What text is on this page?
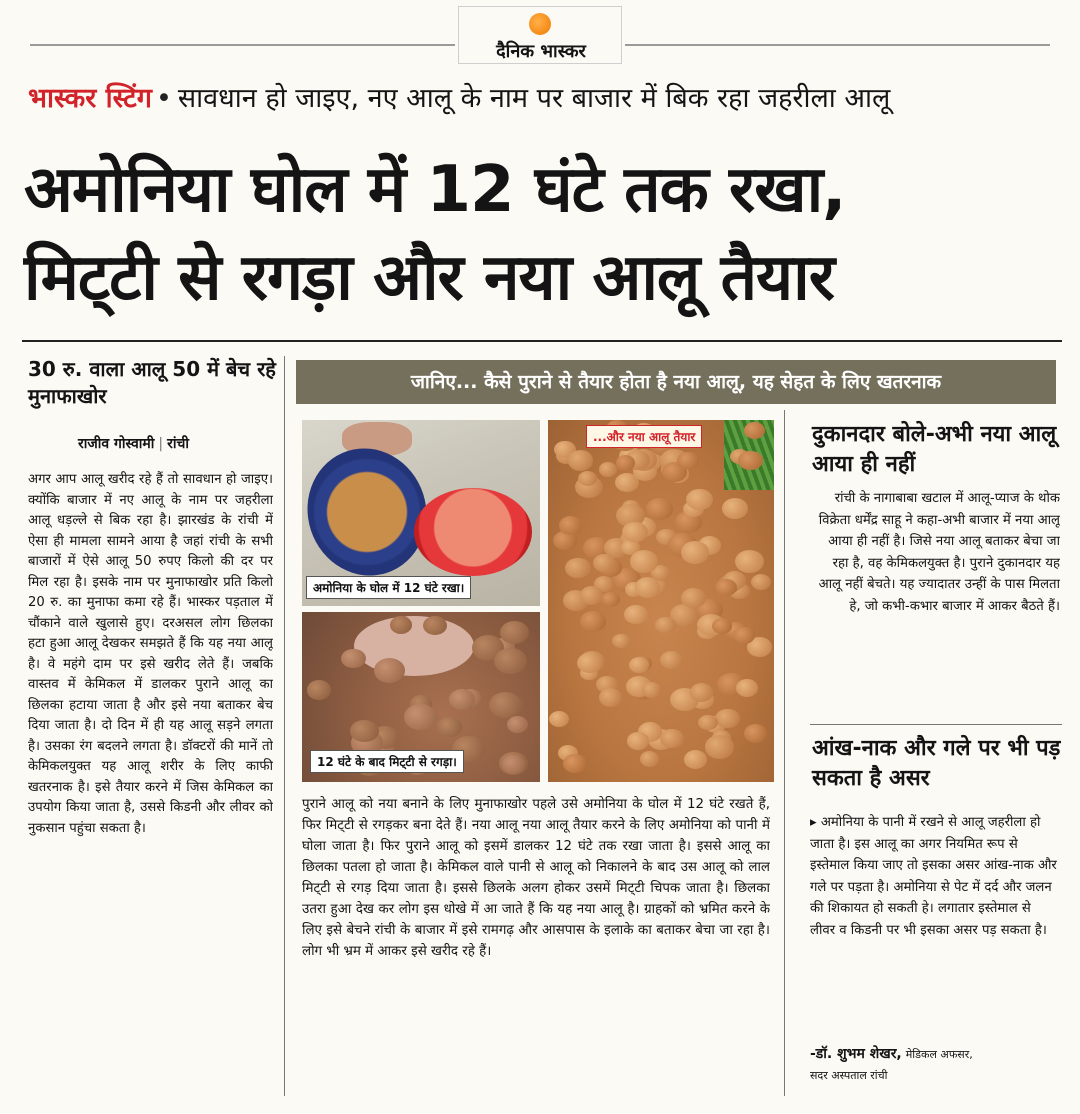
दैनिक भास्कर
भास्कर स्टिंग • सावधान हो जाइए, नए आलू के नाम पर बाजार में बिक रहा जहरीला आलू
अमोनिया घोल में 12 घंटे तक रखा,
मिट्‌टी से रगड़ा और नया आलू तैयार
30 रु. वाला आलू 50 में बेच रहे मुनाफाखोर
राजीव गोस्वामी | रांची
अगर आप आलू खरीद रहे हैं तो सावधान हो जाइए। क्योंकि बाजार में नए आलू के नाम पर जहरीला आलू धड़ल्ले से बिक रहा है। झारखंड के रांची में ऐसा ही मामला सामने आया है जहां रांची के सभी बाजारों में ऐसे आलू 50 रुपए किलो की दर पर मिल रहा है। इसके नाम पर मुनाफाखोर प्रति किलो 20 रु. का मुनाफा कमा रहे हैं। भास्कर पड़ताल में चौंकाने वाले खुलासे हुए। दरअसल लोग छिलका हटा हुआ आलू देखकर समझते हैं कि यह नया आलू है। वे महंगे दाम पर इसे खरीद लेते हैं। जबकि वास्तव में केमिकल में डालकर पुराने आलू का छिलका हटाया जाता है और इसे नया बताकर बेच दिया जाता है। दो दिन में ही यह आलू सड़ने लगता है। उसका रंग बदलने लगता है। डॉक्टरों की मानें तो केमिकलयुक्त यह आलू शरीर के लिए काफी खतरनाक है। इसे तैयार करने में जिस केमिकल का उपयोग किया जाता है, उससे किडनी और लीवर को नुकसान पहुंचा सकता है।
जानिए... कैसे पुराने से तैयार होता है नया आलू, यह सेहत के लिए खतरनाक
अमोनिया के घोल में 12 घंटे रखा।
12 घंटे के बाद मिट्‌टी से रगड़ा।
...और नया आलू तैयार
पुराने आलू को नया बनाने के लिए मुनाफाखोर पहले उसे अमोनिया के घोल में 12 घंटे रखते हैं, फिर मिट्‌टी से रगड़कर बना देते हैं। नया आलू नया आलू तैयार करने के लिए अमोनिया को पानी में घोला जाता है। फिर पुराने आलू को इसमें डालकर 12 घंटे तक रखा जाता है। इससे आलू का छिलका पतला हो जाता है। केमिकल वाले पानी से आलू को निकालने के बाद उस आलू को लाल मिट्‌टी से रगड़ दिया जाता है। इससे छिलके अलग होकर उसमें मिट्‌टी चिपक जाता है। छिलका उतरा हुआ देख कर लोग इस धोखे में आ जाते हैं कि यह नया आलू है। ग्राहकों को भ्रमित करने के लिए इसे बेचने रांची के बाजार में इसे रामगढ़ और आसपास के इलाके का बताकर बेचा जा रहा है। लोग भी भ्रम में आकर इसे खरीद रहे हैं।
दुकानदार बोले-अभी नया आलू आया ही नहीं
रांची के नागाबाबा खटाल में आलू-प्याज के थोक विक्रेता धर्मेंद्र साहू ने कहा-अभी बाजार में नया आलू आया ही नहीं है। जिसे नया आलू बताकर बेचा जा रहा है, वह केमिकलयुक्त है। पुराने दुकानदार यह आलू नहीं बेचते। यह ज्यादातर उन्हीं के पास मिलता हे, जो कभी-कभार बाजार में आकर बैठते हैं।
आंख-नाक और गले पर भी पड़ सकता है असर
▸ अमोनिया के पानी में रखने से आलू जहरीला हो जाता है। इस आलू का अगर नियमित रूप से इस्तेमाल किया जाए तो इसका असर आंख-नाक और गले पर पड़ता है। अमोनिया से पेट में दर्द और जलन की शिकायत हो सकती हे। लगातार इस्तेमाल से लीवर व किडनी पर भी इसका असर पड़ सकता है।
-डॉ. शुभम शेखर, मेडिकल अफसर,
सदर अस्पताल रांची
